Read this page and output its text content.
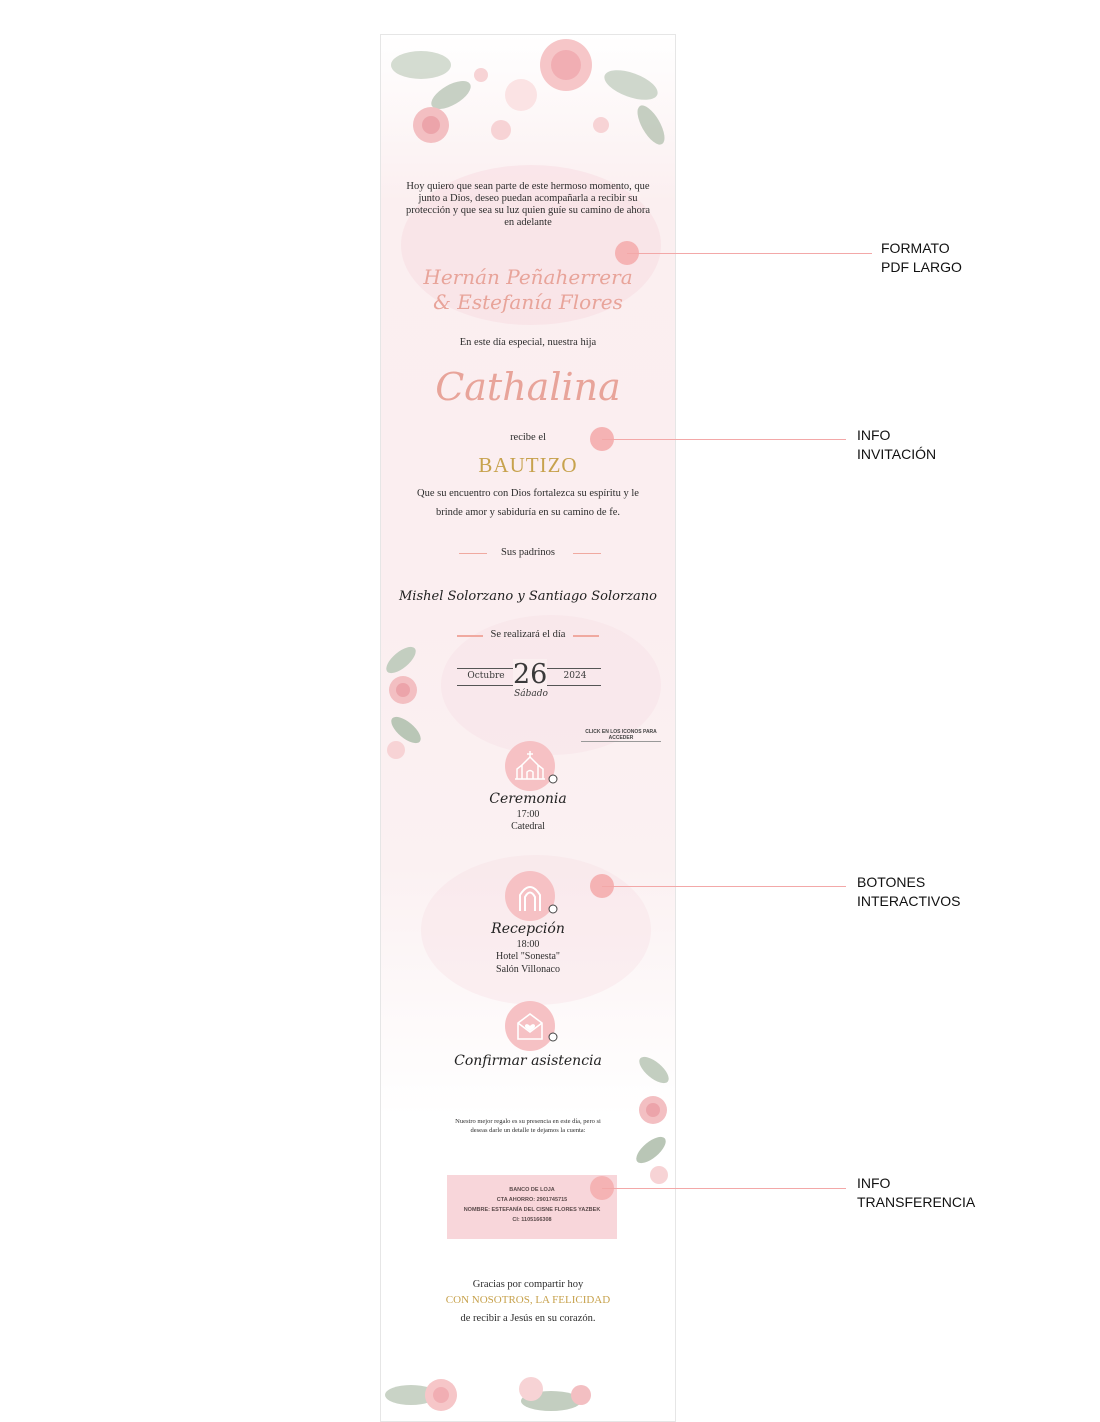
Hoy quiero que sean parte de este hermoso momento, que junto a Dios, deseo puedan acompañarla a recibir su protección y que sea su luz quien guíe su camino de ahora en adelante
Hernán Peñaherrera
& Estefanía Flores
En este día especial, nuestra hija
Cathalina
recibe el
BAUTIZO
Que su encuentro con Dios fortalezca su espíritu y le
brinde amor y sabiduría en su camino de fe.
Sus padrinos
Mishel Solorzano y Santiago Solorzano
Se realizará el día
Octubre 26	2024
Sábado
CLICK EN LOS ICONOS PARA ACCEDER
Ceremonia
17:00
Catedral
Recepción
18:00
Hotel "Sonesta"
Salón Villonaco
Confirmar asistencia
Nuestro mejor regalo es su presencia en este día, pero si
deseas darle un detalle te dejamos la cuenta:
BANCO DE LOJA
CTA AHORRO: 2901745715
NOMBRE: ESTEFANÍA DEL CISNE FLORES YAZBEK
CI: 1105166308
Gracias por compartir hoy
CON NOSOTROS, LA FELICIDAD
de recibir a Jesús en su corazón.
FORMATO
PDF LARGO
INFO
INVITACIÓN
BOTONES
INTERACTIVOS
INFO
TRANSFERENCIA
